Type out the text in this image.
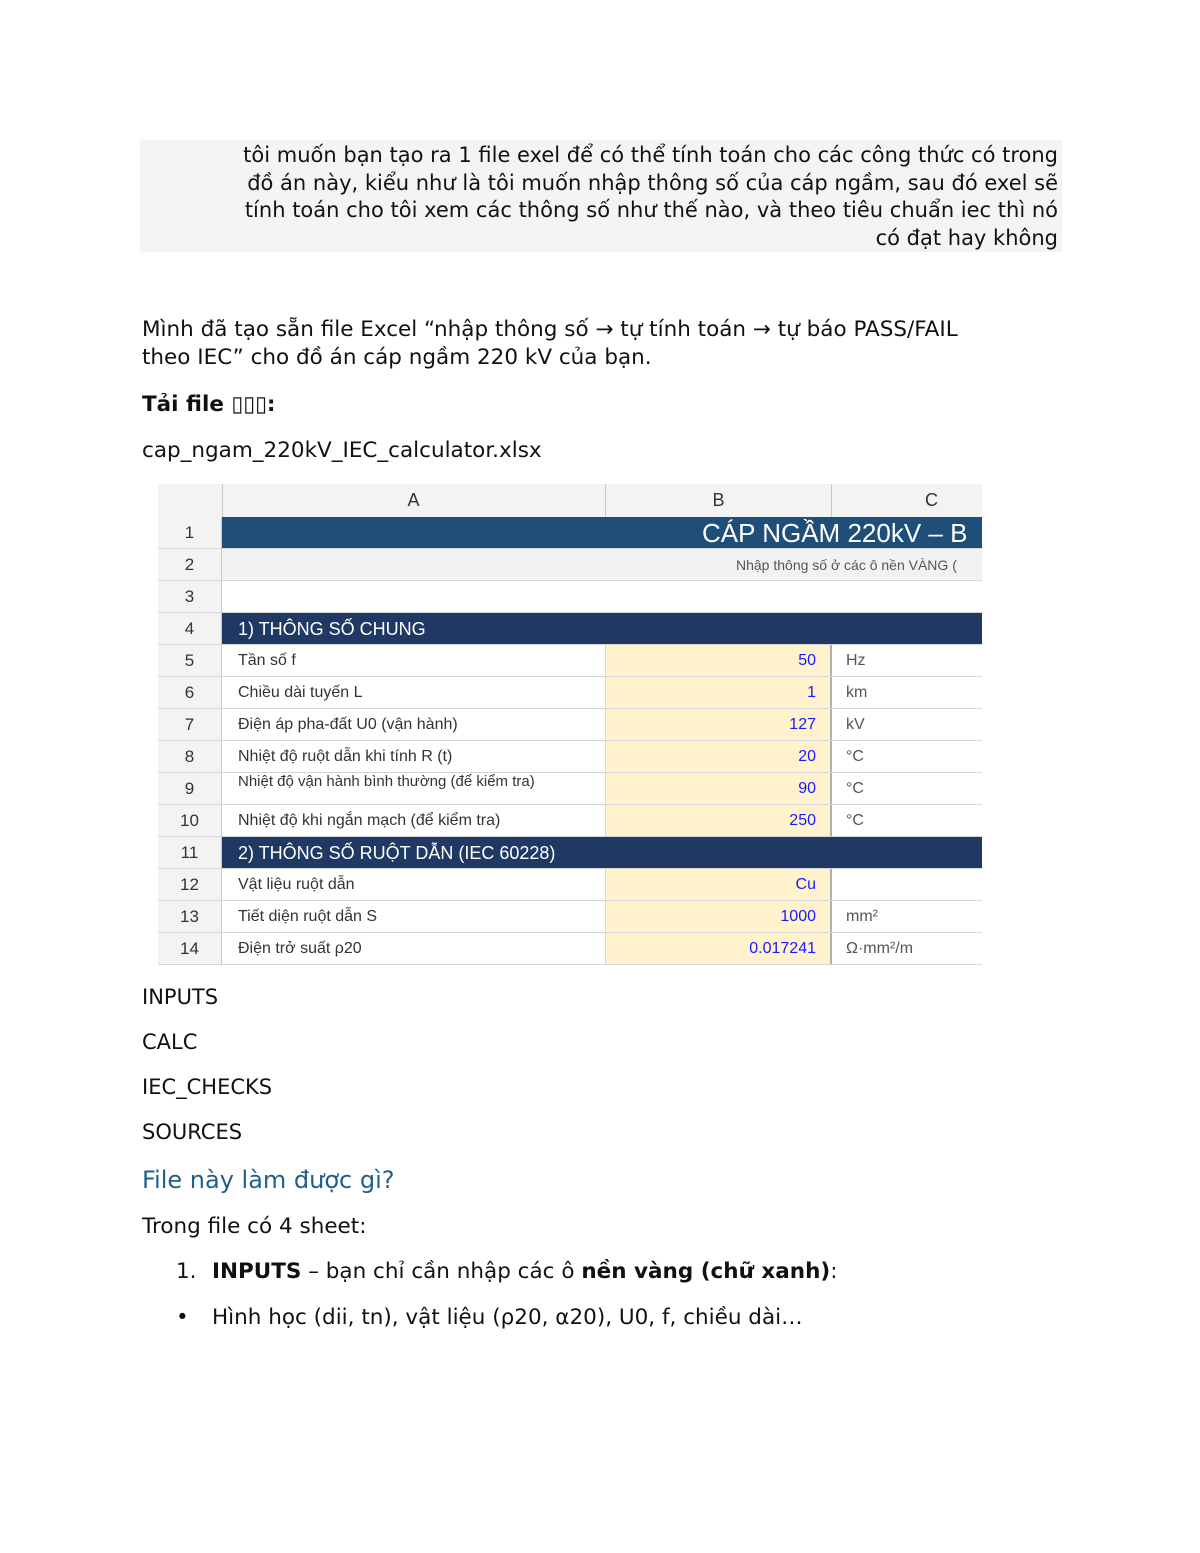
tôi muốn bạn tạo ra 1 file exel để có thể tính toán cho các công thức có trong
đồ án này, kiểu như là tôi muốn nhập thông số của cáp ngầm, sau đó exel sẽ
tính toán cho tôi xem các thông số như thế nào, và theo tiêu chuẩn iec thì nó
có đạt hay không
Mình đã tạo sẵn file Excel “nhập thông số → tự tính toán → tự báo PASS/FAIL
theo IEC” cho đồ án cáp ngầm 220 kV của bạn.
Tải file ▯▯▯:
cap_ngam_220kV_IEC_calculator.xlsx
A	B	C
1	CÁP NGẦM 220kV – B
2	Nhập thông số ở các ô nền VÀNG (
3
4	1) THÔNG SỐ CHUNG
5	Tần số f	50	Hz
6	Chiều dài tuyến L	1	km
7	Điện áp pha-đất U0 (vận hành)	127	kV
8	Nhiệt độ ruột dẫn khi tính R (t)	20	°C
9	Nhiệt độ vận hành bình thường (để kiểm tra)	90	°C
10	Nhiệt độ khi ngắn mạch (để kiểm tra)	250	°C
11	2) THÔNG SỐ RUỘT DẪN (IEC 60228)
12	Vật liệu ruột dẫn	Cu
13	Tiết diện ruột dẫn S	1000	mm²
14	Điện trở suất ρ20	0.017241	Ω·mm²/m
INPUTS
CALC
IEC_CHECKS
SOURCES
File này làm được gì?
Trong file có 4 sheet:
1. INPUTS – bạn chỉ cần nhập các ô nền vàng (chữ xanh):
• Hình học (dii, tn), vật liệu (ρ20, α20), U0, f, chiều dài…
